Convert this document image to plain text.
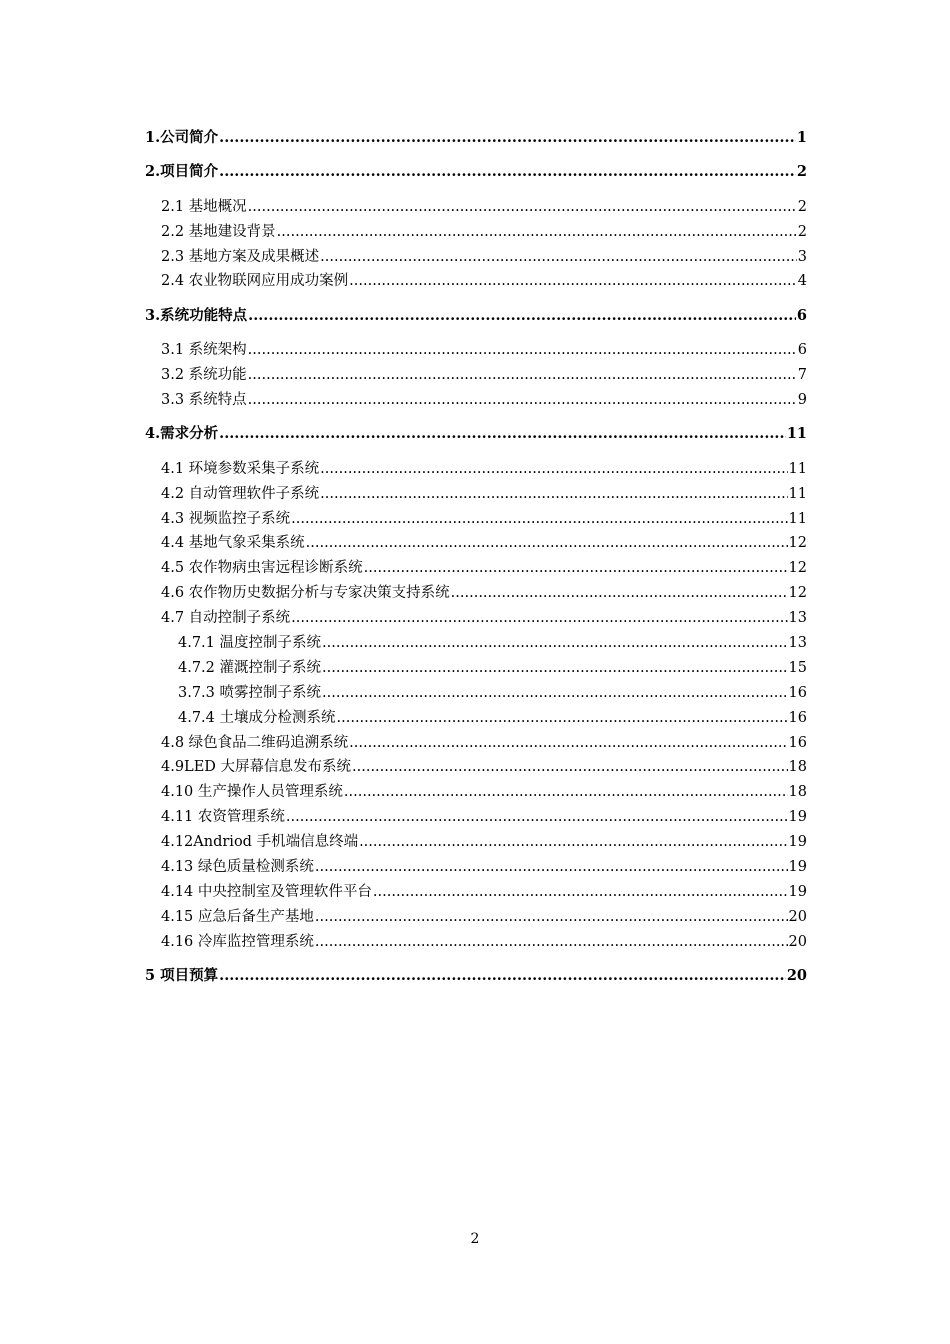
1.公司简介 .....	1
2.项目简介 .....	2
2.1 基地概况 .....	2
2.2 基地建设背景 .....	2
2.3 基地方案及成果概述 .....	3
2.4 农业物联网应用成功案例 .....	4
3.系统功能特点 .....	6
3.1 系统架构 .....	6
3.2 系统功能 .....	7
3.3 系统特点 .....	9
4.需求分析 .....	11
4.1 环境参数采集子系统 .....	11
4.2 自动管理软件子系统 .....	11
4.3 视频监控子系统 .....	11
4.4 基地气象采集系统 .....	12
4.5 农作物病虫害远程诊断系统 .....	12
4.6 农作物历史数据分析与专家决策支持系统 .....	12
4.7 自动控制子系统 .....	13
4.7.1 温度控制子系统 .....	13
4.7.2 灌溉控制子系统 .....	15
3.7.3 喷雾控制子系统 .....	16
4.7.4 土壤成分检测系统 .....	16
4.8 绿色食品二维码追溯系统 .....	16
4.9LED 大屏幕信息发布系统 .....	18
4.10 生产操作人员管理系统 .....	18
4.11 农资管理系统 .....	19
4.12Andriod 手机端信息终端 .....	19
4.13 绿色质量检测系统 .....	19
4.14 中央控制室及管理软件平台 .....	19
4.15 应急后备生产基地 .....	20
4.16 冷库监控管理系统 .....	20
5 项目预算 .....	20
2
